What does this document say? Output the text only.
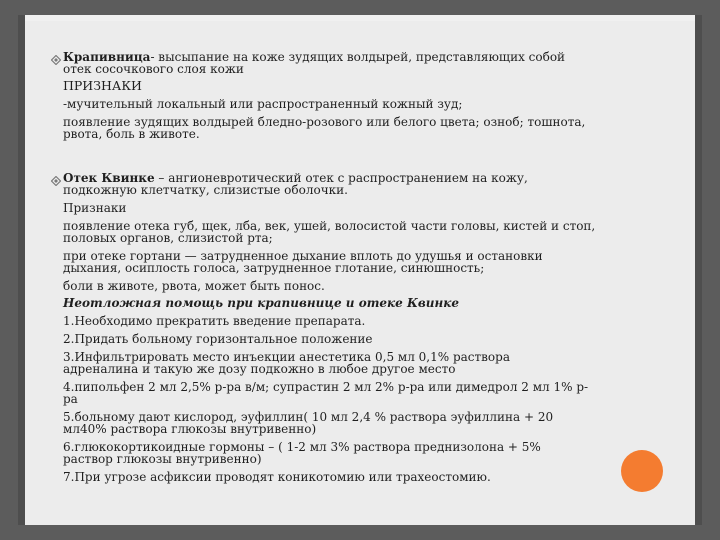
Крапивница- высыпание на коже зудящих волдырей, представляющих собой

отек сосочкового слоя кожи

ПРИЗНАКИ

-мучительный локальный или распространенный кожный зуд;

появление зудящих волдырей бледно-розового или белого цвета; озноб; тошнота,

рвота, боль в животе.

Отек Квинке – ангионевротический отек с распространением на кожу,

подкожную клетчатку, слизистые оболочки.

Признаки

появление отека губ, щек, лба, век, ушей, волосистой части головы, кистей и стоп,

половых органов, слизистой рта;

при отеке гортани — затрудненное дыхание вплоть до удушья и остановки

дыхания, осиплость голоса, затрудненное глотание, синюшность;

боли в животе, рвота, может быть понос.

Неотложная помощь при крапивнице и отеке Квинке

1.Необходимо прекратить введение препарата.

2.Придать больному горизонтальное положение

3.Инфильтрировать место инъекции анестетика 0,5 мл 0,1% раствора

адреналина и такую же дозу подкожно в любое другое место

4.пипольфен 2 мл 2,5% р-ра в/м; супрастин 2 мл 2% р-ра или димедрол 2 мл 1% р-

ра

5.больному дают кислород, эуфиллин( 10 мл 2,4 % раствора эуфиллина + 20

мл40% раствора глюкозы внутривенно)

6.глюкокортикоидные гормоны – ( 1-2 мл 3% раствора преднизолона + 5%

раствор глюкозы внутривенно)

7.При угрозе асфиксии проводят коникотомию или трахеостомию.
